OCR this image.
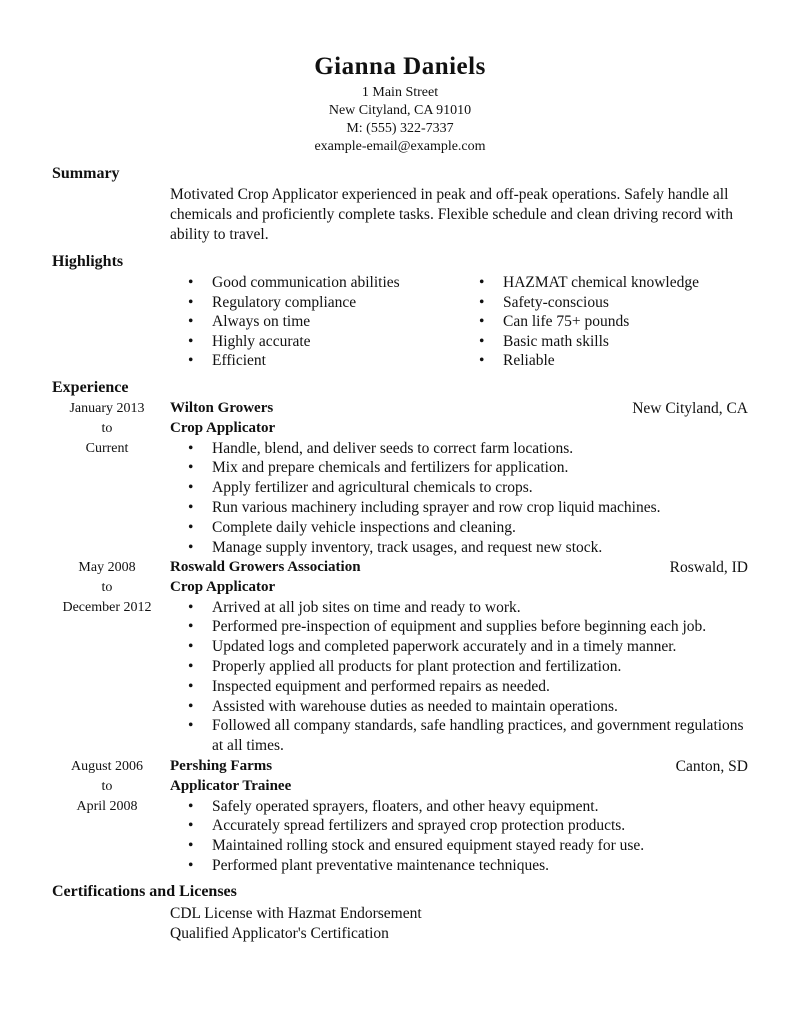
Gianna Daniels
1 Main Street
New Cityland, CA 91010
M: (555) 322-7337
example-email@example.com
Summary
Motivated Crop Applicator experienced in peak and off-peak operations. Safely handle all chemicals and proficiently complete tasks. Flexible schedule and clean driving record with ability to travel.
Highlights
• Good communication abilities
• Regulatory compliance
• Always on time
• Highly accurate
• Efficient
• HAZMAT chemical knowledge
• Safety-conscious
• Can life 75+ pounds
• Basic math skills
• Reliable
Experience
January 2013
to
Current
Wilton Growers	New Cityland, CA
Crop Applicator
• Handle, blend, and deliver seeds to correct farm locations.
• Mix and prepare chemicals and fertilizers for application.
• Apply fertilizer and agricultural chemicals to crops.
• Run various machinery including sprayer and row crop liquid machines.
• Complete daily vehicle inspections and cleaning.
• Manage supply inventory, track usages, and request new stock.
May 2008
to
December 2012
Roswald Growers Association	Roswald, ID
Crop Applicator
• Arrived at all job sites on time and ready to work.
• Performed pre-inspection of equipment and supplies before beginning each job.
• Updated logs and completed paperwork accurately and in a timely manner.
• Properly applied all products for plant protection and fertilization.
• Inspected equipment and performed repairs as needed.
• Assisted with warehouse duties as needed to maintain operations.
• Followed all company standards, safe handling practices, and government regulations at all times.
August 2006
to
April 2008
Pershing Farms	Canton, SD
Applicator Trainee
• Safely operated sprayers, floaters, and other heavy equipment.
• Accurately spread fertilizers and sprayed crop protection products.
• Maintained rolling stock and ensured equipment stayed ready for use.
• Performed plant preventative maintenance techniques.
Certifications and Licenses
CDL License with Hazmat Endorsement
Qualified Applicator's Certification
